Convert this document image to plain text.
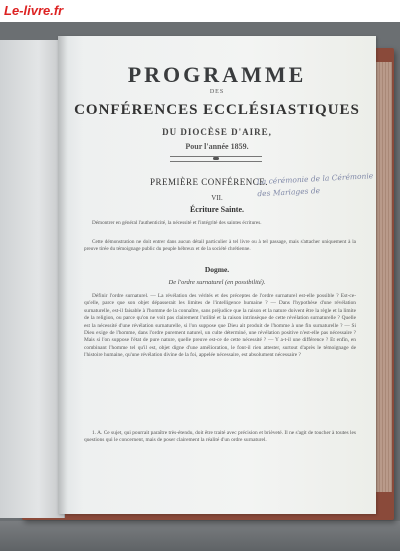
Le-livre.fr
PROGRAMME
DES
CONFÉRENCES ECCLÉSIASTIQUES
DU DIOCÈSE D'AIRE,
Pour l'année 1859.
PREMIÈRE CONFÉRENCE.
La cérémonie de la Cérémonie des Mariages de
VII.
Écriture Sainte.
Démontrer en général l'authenticité, la nécessité et l'intégrité des saintes écritures.
Cette démonstration ne doit entrer dans aucun détail particulier à tel livre ou à tel passage, mais s'attacher uniquement à la preuve tirée du témoignage public du peuple hébreux et de la société chrétienne.
Dogme.
De l'ordre surnaturel (en possibilité).
Définir l'ordre surnaturel. — La révélation des vérités et des préceptes de l'ordre surnaturel est-elle possible ? Est-ce-qu'elle, parce que son objet dépasserait les limites de l'intelligence humaine ? — Dans l'hypothèse d'une révélation surnaturelle, est-il faisable à l'homme de la connaître, sans préjudice que la raison et la nature doivent être la règle et la limite de la religion, ou parce qu'on ne voit pas clairement l'utilité et la raison intrinsèque de cette révélation surnaturelle ? Quelle est la nécessité d'une révélation surnaturelle, si l'on suppose que Dieu ait produit de l'homme à une fin surnaturelle ? — Si Dieu exige de l'homme, dans l'ordre purement naturel, un culte déterminé, une révélation positive n'est-elle pas nécessaire ? Mais si l'on suppose l'état de pure nature, quelle preuve est-ce de cette nécessité ? — Y a-t-il une différence ? Et enfin, en combinant l'homme tel qu'il est, objet digne d'une amélioration, le font-il rien attester, surtout d'après le témoignage de l'histoire humaine, qu'une révélation divine de la foi, appelée nécessaire, est absolument nécessaire ?
1. A. Ce sujet, qui pourrait paraître très-étendu, doit être traité avec précision et brièveté. Il ne s'agit de toucher à toutes les questions qui le concernent, mais de poser clairement la réalité d'un ordre surnaturel.
